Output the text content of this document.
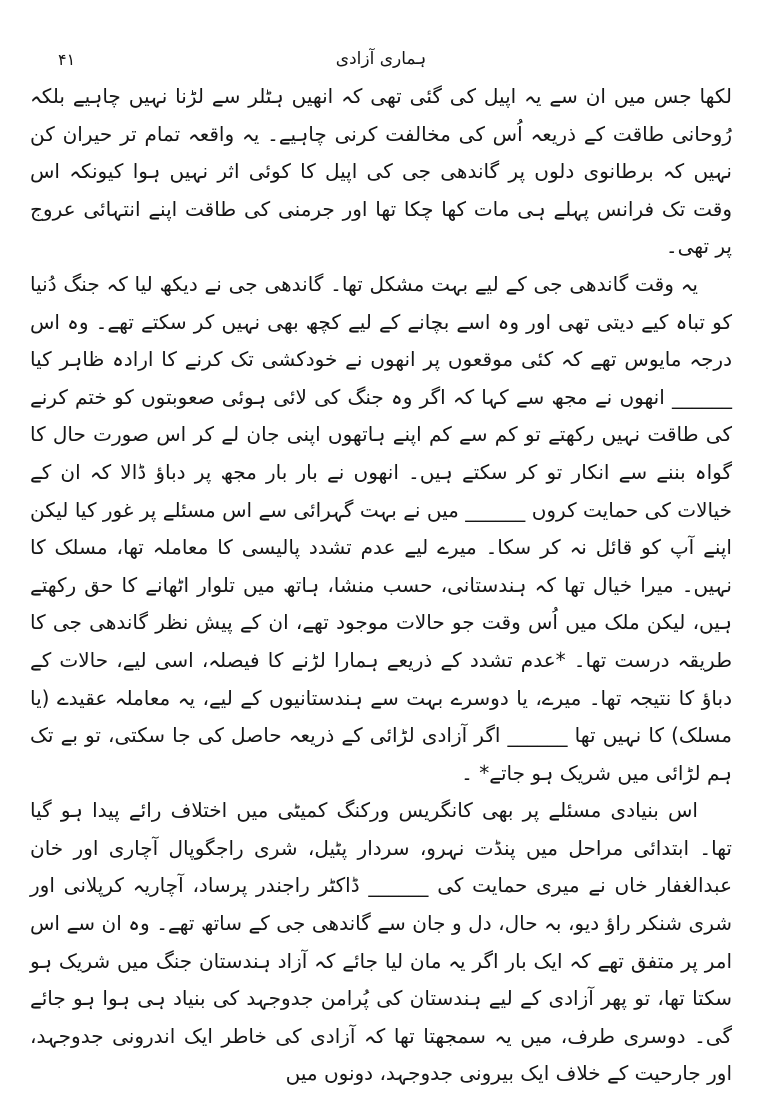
ہماری آزادی
۴۱

لکھا جس میں ان سے یہ اپیل کی گئی تھی کہ انھیں ہٹلر سے لڑنا نہیں چاہیے بلکہ رُوحانی طاقت کے ذریعہ اُس کی مخالفت کرنی چاہیے۔ یہ واقعہ تمام تر حیران کن نہیں کہ برطانوی دلوں پر گاندھی جی کی اپیل کا کوئی اثر نہیں ہوا کیونکہ اس وقت تک فرانس پہلے ہی مات کھا چکا تھا اور جرمنی کی طاقت اپنے انتہائی عروج پر تھی۔

یہ وقت گاندھی جی کے لیے بہت مشکل تھا۔ گاندھی جی نے دیکھ لیا کہ جنگ دُنیا کو تباہ کیے دیتی تھی اور وہ اسے بچانے کے لیے کچھ بھی نہیں کر سکتے تھے۔ وہ اس درجہ مایوس تھے کہ کئی موقعوں پر انھوں نے خودکشی تک کرنے کا ارادہ ظاہر کیا ______ انھوں نے مجھ سے کہا کہ اگر وہ جنگ کی لائی ہوئی صعوبتوں کو ختم کرنے کی طاقت نہیں رکھتے تو کم سے کم اپنے ہاتھوں اپنی جان لے کر اس صورت حال کا گواہ بننے سے انکار تو کر سکتے ہیں۔ انھوں نے بار بار مجھ پر دباؤ ڈالا کہ ان کے خیالات کی حمایت کروں ______ میں نے بہت گہرائی سے اس مسئلے پر غور کیا لیکن اپنے آپ کو قائل نہ کر سکا۔ میرے لیے عدم تشدد پالیسی کا معاملہ تھا، مسلک کا نہیں۔ میرا خیال تھا کہ ہندستانی، حسب منشا، ہاتھ میں تلوار اٹھانے کا حق رکھتے ہیں، لیکن ملک میں اُس وقت جو حالات موجود تھے، ان کے پیش نظر گاندھی جی کا طریقہ درست تھا۔ *عدم تشدد کے ذریعے ہمارا لڑنے کا فیصلہ، اسی لیے، حالات کے دباؤ کا نتیجہ تھا۔ میرے، یا دوسرے بہت سے ہندستانیوں کے لیے، یہ معاملہ عقیدے (یا مسلک) کا نہیں تھا ______ اگر آزادی لڑائی کے ذریعہ حاصل کی جا سکتی، تو بے تک ہم لڑائی میں شریک ہو جاتے* ۔

اس بنیادی مسئلے پر بھی کانگریس ورکنگ کمیٹی میں اختلاف رائے پیدا ہو گیا تھا۔ ابتدائی مراحل میں پنڈت نہرو، سردار پٹیل، شری راجگوپال آچاری اور خان عبدالغفار خاں نے میری حمایت کی ______ ڈاکٹر راجندر پرساد، آچاریہ کرپلانی اور شری شنکر راؤ دیو، بہ حال، دل و جان سے گاندھی جی کے ساتھ تھے۔ وہ ان سے اس امر پر متفق تھے کہ ایک بار اگر یہ مان لیا جائے کہ آزاد ہندستان جنگ میں شریک ہو سکتا تھا، تو پھر آزادی کے لیے ہندستان کی پُرامن جدوجہد کی بنیاد ہی ہوا ہو جائے گی۔ دوسری طرف، میں یہ سمجھتا تھا کہ آزادی کی خاطر ایک اندرونی جدوجہد، اور جارحیت کے خلاف ایک بیرونی جدوجہد، دونوں میں
